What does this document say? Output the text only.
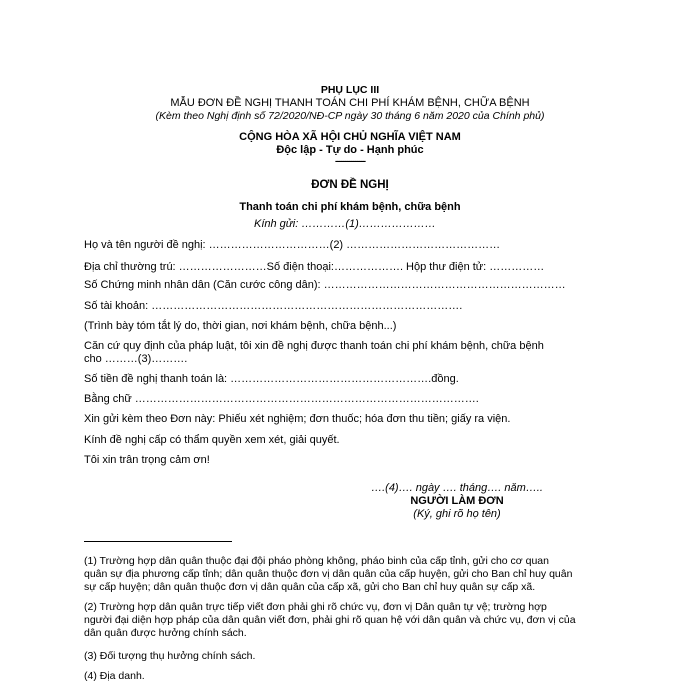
PHỤ LỤC III
MẪU ĐƠN ĐỀ NGHỊ THANH TOÁN CHI PHÍ KHÁM BỆNH, CHỮA BỆNH
(Kèm theo Nghị định số 72/2020/NĐ-CP ngày 30 tháng 6 năm 2020 của Chính phủ)
CỘNG HÒA XÃ HỘI CHỦ NGHĨA VIỆT NAM
Độc lập - Tự do - Hạnh phúc
---------------
ĐƠN ĐỀ NGHỊ
Thanh toán chi phí khám bệnh, chữa bệnh
Kính gửi: …………(1)…………………
Họ và tên người đề nghị: ……………………………(2) ……………………………………
Địa chỉ thường trú: ……………………Số điện thoại:………………. Hộp thư điện tử: ……………
Số Chứng minh nhân dân (Căn cước công dân): …………………………………………………………
Số tài khoản: ………………………………………………………………………….
(Trình bày tóm tắt lý do, thời gian, nơi khám bệnh, chữa bệnh...)
Căn cứ quy định của pháp luật, tôi xin đề nghị được thanh toán chi phí khám bệnh, chữa bệnh
cho ………(3)……….
Số tiền đề nghị thanh toán là: ……………………………………………….đồng.
Bằng chữ ………………………………………………………………………………….
Xin gửi kèm theo Đơn này: Phiếu xét nghiệm; đơn thuốc; hóa đơn thu tiền; giấy ra viện.
Kính đề nghị cấp có thẩm quyền xem xét, giải quyết.
Tôi xin trân trọng cảm ơn!
….(4)…. ngày …. tháng…. năm…..
NGƯỜI LÀM ĐƠN
(Ký, ghi rõ họ tên)
(1) Trường hợp dân quân thuộc đại đội pháo phòng không, pháo binh của cấp tỉnh, gửi cho cơ quan
quân sự địa phương cấp tỉnh; dân quân thuộc đơn vị dân quân của cấp huyện, gửi cho Ban chỉ huy quân
sự cấp huyện; dân quân thuộc đơn vị dân quân của cấp xã, gửi cho Ban chỉ huy quân sự cấp xã.
(2) Trường hợp dân quân trực tiếp viết đơn phải ghi rõ chức vụ, đơn vị Dân quân tự vệ; trường hợp
người đại diện hợp pháp của dân quân viết đơn, phải ghi rõ quan hệ với dân quân và chức vụ, đơn vị của
dân quân được hưởng chính sách.
(3) Đối tượng thụ hưởng chính sách.
(4) Địa danh.
